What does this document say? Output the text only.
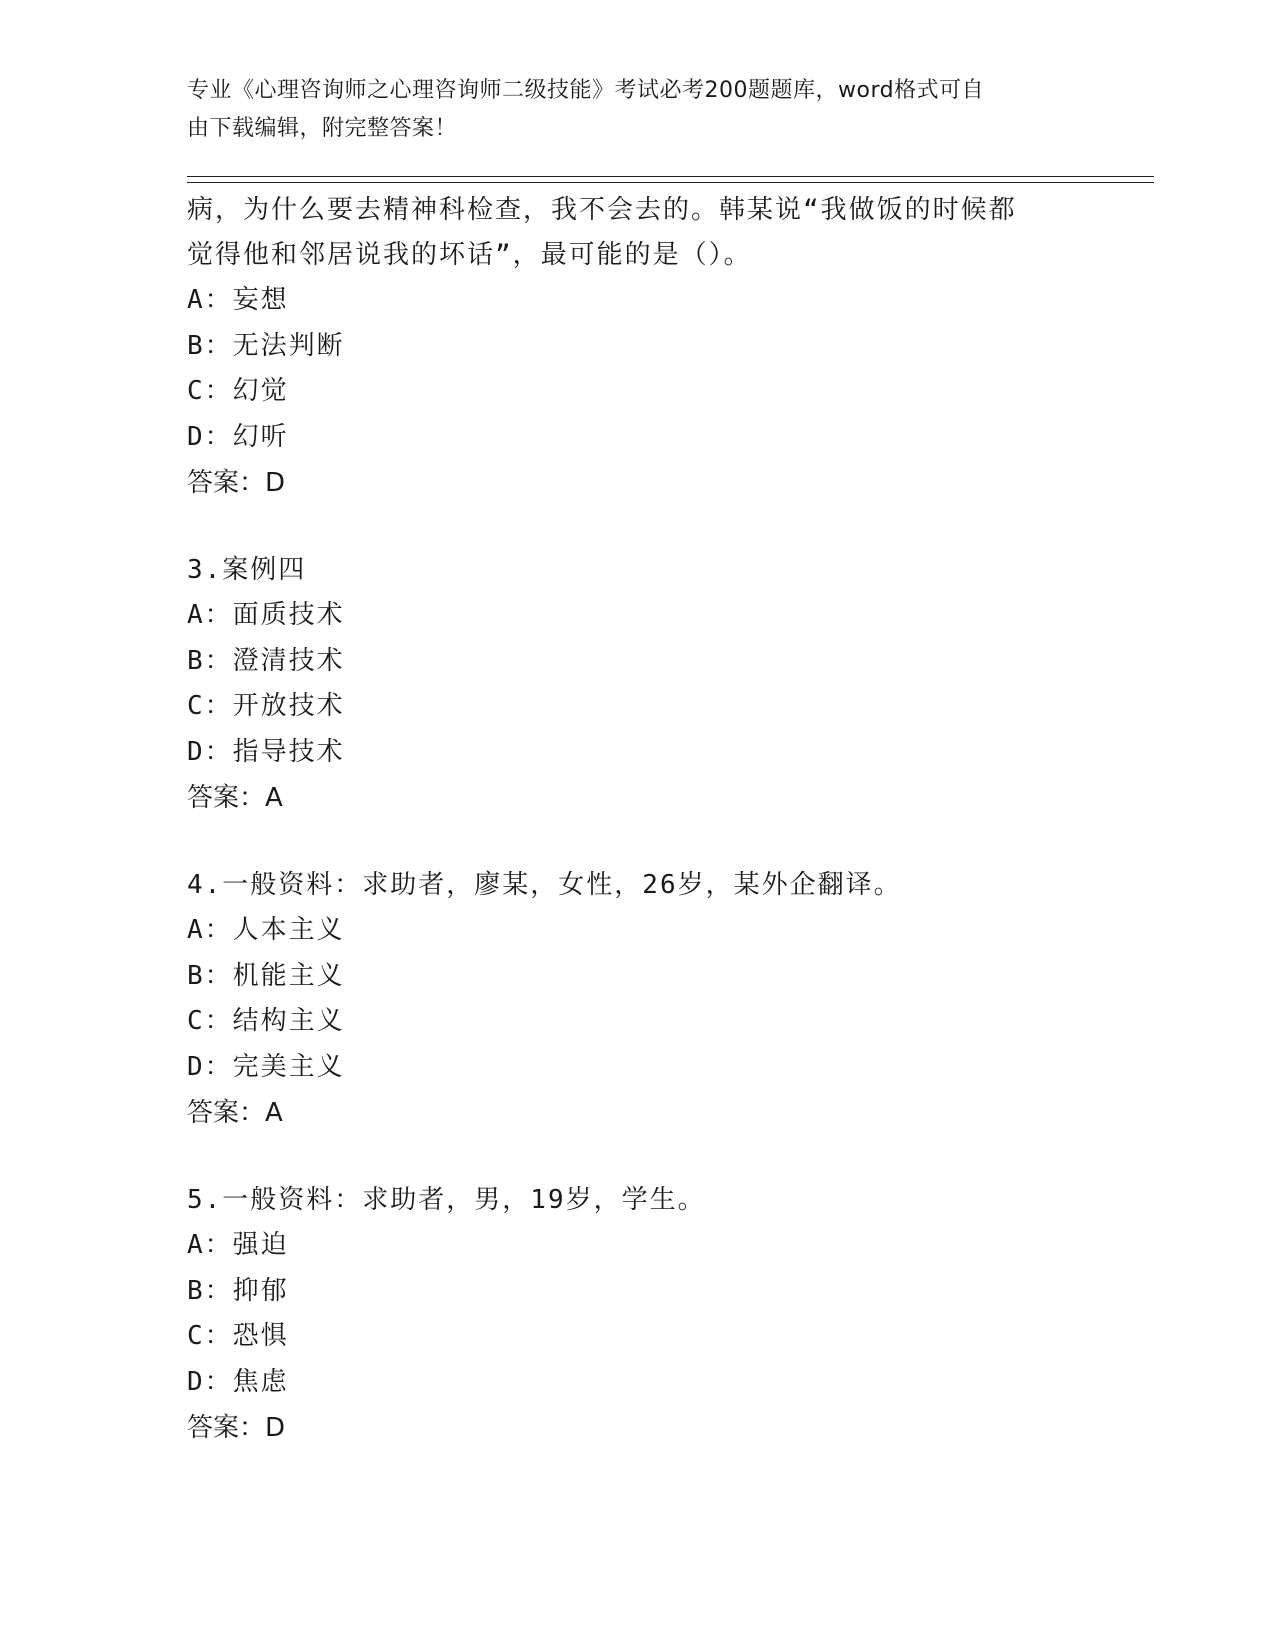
专业《心理咨询师之心理咨询师二级技能》考试必考200题题库，word格式可自
由下载编辑，附完整答案！
病，为什么要去精神科检查，我不会去的。韩某说“我做饭的时候都
觉得他和邻居说我的坏话”，最可能的是（）。
A：妄想
B：无法判断
C：幻觉
D：幻听
答案：D
3.案例四
A：面质技术
B：澄清技术
C：开放技术
D：指导技术
答案：A
4.一般资料：求助者，廖某，女性，26岁，某外企翻译。
A：人本主义
B：机能主义
C：结构主义
D：完美主义
答案：A
5.一般资料：求助者，男，19岁，学生。
A：强迫
B：抑郁
C：恐惧
D：焦虑
答案：D
